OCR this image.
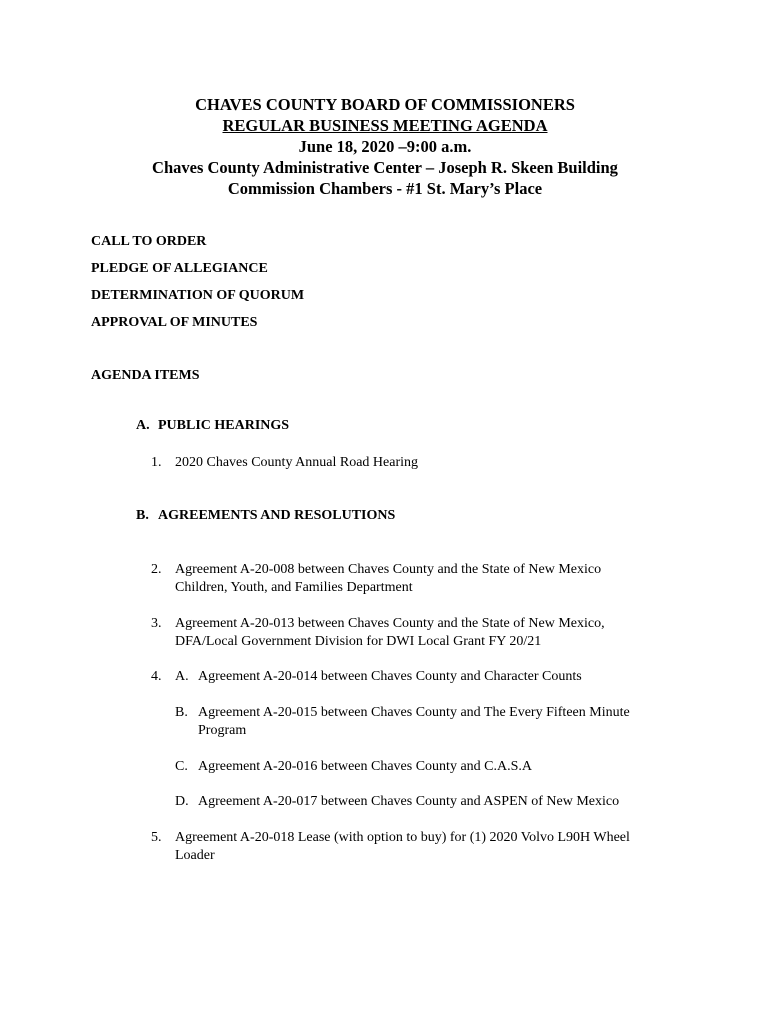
CHAVES COUNTY BOARD OF COMMISSIONERS
REGULAR BUSINESS MEETING AGENDA
June 18, 2020 –9:00 a.m.
Chaves County Administrative Center – Joseph R. Skeen Building
Commission Chambers - #1 St. Mary’s Place
CALL TO ORDER
PLEDGE OF ALLEGIANCE
DETERMINATION OF QUORUM
APPROVAL OF MINUTES
AGENDA ITEMS
A. PUBLIC HEARINGS
1. 2020 Chaves County Annual Road Hearing
B. AGREEMENTS AND RESOLUTIONS
2. Agreement A-20-008 between Chaves County and the State of New Mexico Children, Youth, and Families Department
3. Agreement A-20-013 between Chaves County and the State of New Mexico, DFA/Local Government Division for DWI Local Grant FY 20/21
4. A. Agreement A-20-014 between Chaves County and Character Counts
B. Agreement A-20-015 between Chaves County and The Every Fifteen Minute Program
C. Agreement A-20-016 between Chaves County and C.A.S.A
D. Agreement A-20-017 between Chaves County and ASPEN of New Mexico
5. Agreement A-20-018 Lease (with option to buy) for (1) 2020 Volvo L90H Wheel Loader
